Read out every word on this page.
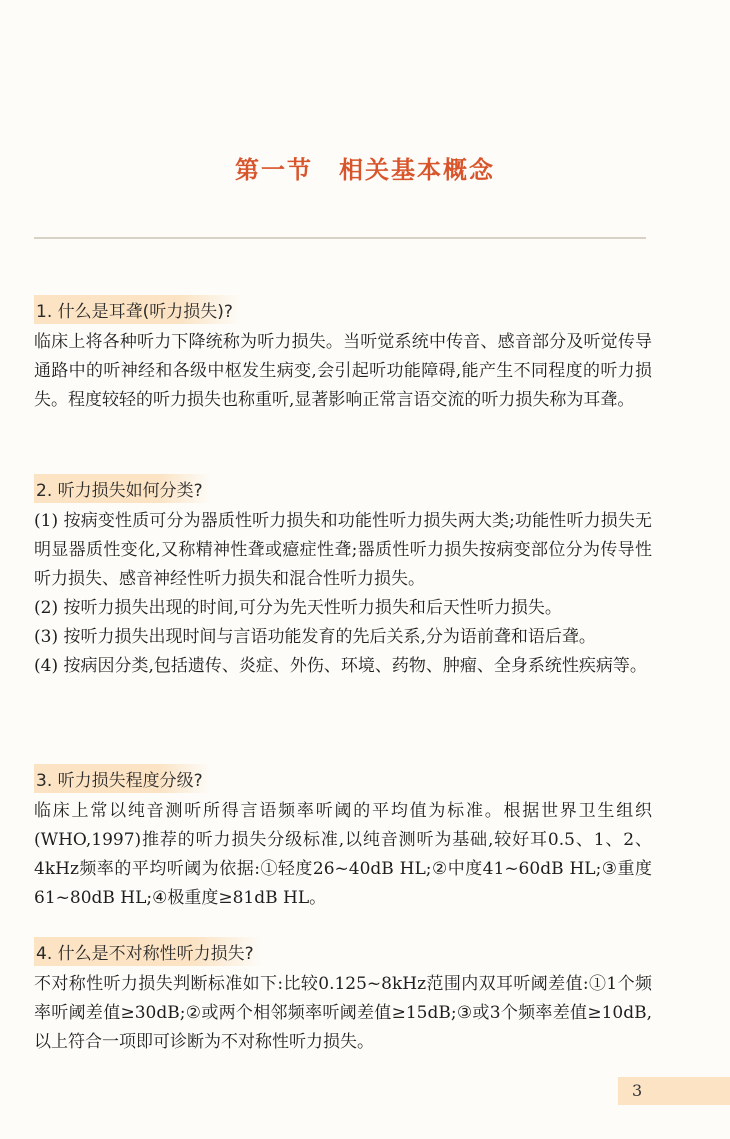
第一节 相关基本概念
1. 什么是耳聋(听力损失)?

临床上将各种听力下降统称为听力损失。当听觉系统中传音、感音部分及听觉传导通路中的听神经和各级中枢发生病变,会引起听功能障碍,能产生不同程度的听力损失。程度较轻的听力损失也称重听,显著影响正常言语交流的听力损失称为耳聋。

2. 听力损失如何分类?

(1) 按病变性质可分为器质性听力损失和功能性听力损失两大类;功能性听力损失无明显器质性变化,又称精神性聋或癔症性聋;器质性听力损失按病变部位分为传导性听力损失、感音神经性听力损失和混合性听力损失。

(2) 按听力损失出现的时间,可分为先天性听力损失和后天性听力损失。

(3) 按听力损失出现时间与言语功能发育的先后关系,分为语前聋和语后聋。

(4) 按病因分类,包括遗传、炎症、外伤、环境、药物、肿瘤、全身系统性疾病等。

3. 听力损失程度分级?

临床上常以纯音测听所得言语频率听阈的平均值为标准。根据世界卫生组织(WHO,1997)推荐的听力损失分级标准,以纯音测听为基础,较好耳0.5、1、2、4kHz频率的平均听阈为依据:①轻度26~40dB HL;②中度41~60dB HL;③重度61~80dB HL;④极重度≥81dB HL。

4. 什么是不对称性听力损失?

不对称性听力损失判断标准如下:比较0.125~8kHz范围内双耳听阈差值:①1个频率听阈差值≥30dB;②或两个相邻频率听阈差值≥15dB;③或3个频率差值≥10dB,以上符合一项即可诊断为不对称性听力损失。

3
